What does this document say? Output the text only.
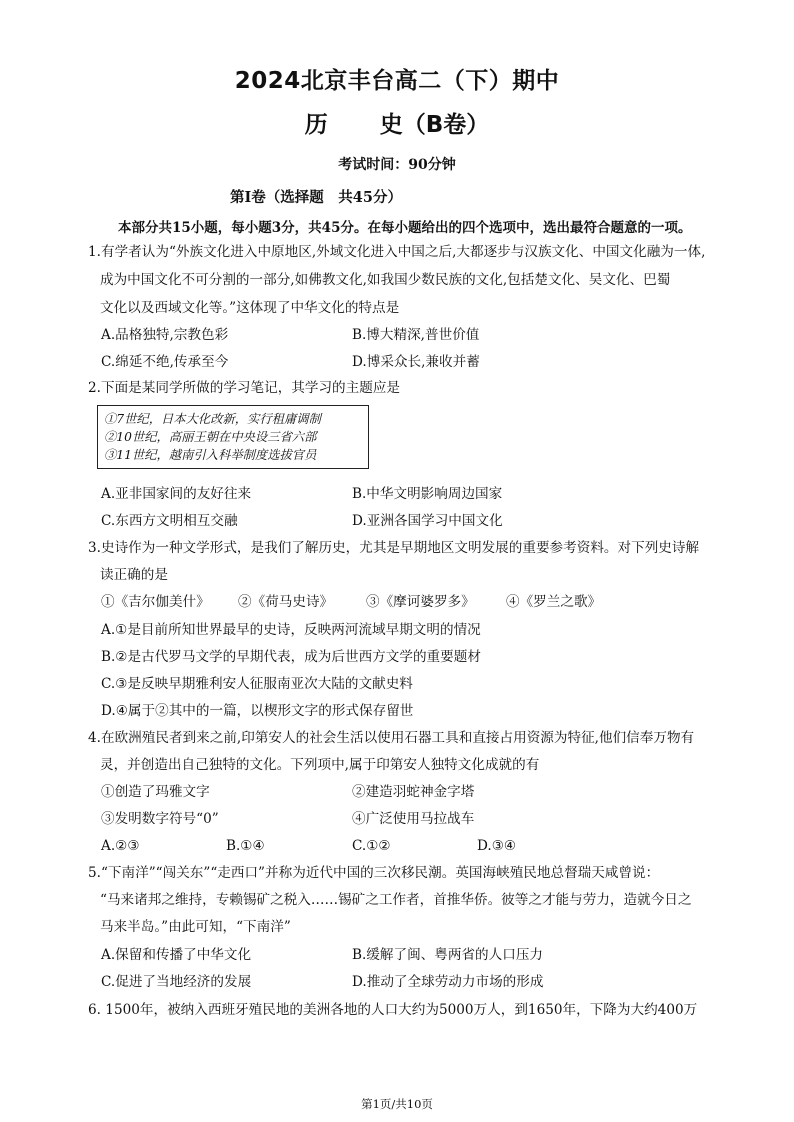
2024北京丰台高二（下）期中
历 史（B卷）
考试时间：90分钟
第Ⅰ卷（选择题　共45分）
本部分共15小题，每小题3分，共45分。在每小题给出的四个选项中，选出最符合题意的一项。
1.有学者认为“外族文化进入中原地区,外域文化进入中国之后,大都逐步与汉族文化、中国文化融为一体,
成为中国文化不可分割的一部分,如佛教文化,如我国少数民族的文化,包括楚文化、吴文化、巴蜀
文化以及西域文化等。”这体现了中华文化的特点是
A.品格独特,宗教色彩	B.博大精深,普世价值
C.绵延不绝,传承至今	D.博采众长,兼收并蓄
2.下面是某同学所做的学习笔记，其学习的主题应是
①7世纪，日本大化改新，实行租庸调制
②10世纪，高丽王朝在中央设三省六部
③11世纪，越南引入科举制度选拔官员
A.亚非国家间的友好往来	B.中华文明影响周边国家
C.东西方文明相互交融	D.亚洲各国学习中国文化
3.史诗作为一种文学形式，是我们了解历史，尤其是早期地区文明发展的重要参考资料。对下列史诗解
读正确的是
①《吉尔伽美什》 ②《荷马史诗》 ③《摩诃婆罗多》 ④《罗兰之歌》
A.①是目前所知世界最早的史诗，反映两河流域早期文明的情况
B.②是古代罗马文学的早期代表，成为后世西方文学的重要题材
C.③是反映早期雅利安人征服南亚次大陆的文献史料
D.④属于②其中的一篇，以楔形文字的形式保存留世
4.在欧洲殖民者到来之前,印第安人的社会生活以使用石器工具和直接占用资源为特征,他们信奉万物有
灵，并创造出自己独特的文化。下列项中,属于印第安人独特文化成就的有
①创造了玛雅文字	②建造羽蛇神金字塔
③发明数字符号“0”	④广泛使用马拉战车
A.②③	B.①④	C.①②	D.③④
5.“下南洋”“闯关东”“走西口”并称为近代中国的三次移民潮。英国海峡殖民地总督瑞天咸曾说：
“马来诸邦之维持，专赖锡矿之税入……锡矿之工作者，首推华侨。彼等之才能与劳力，造就今日之
马来半岛。”由此可知，“下南洋”
A.保留和传播了中华文化	B.缓解了闽、粤两省的人口压力
C.促进了当地经济的发展	D.推动了全球劳动力市场的形成
6. 1500年，被纳入西班牙殖民地的美洲各地的人口大约为5000万人，到1650年，下降为大约400万
第1页/共10页
